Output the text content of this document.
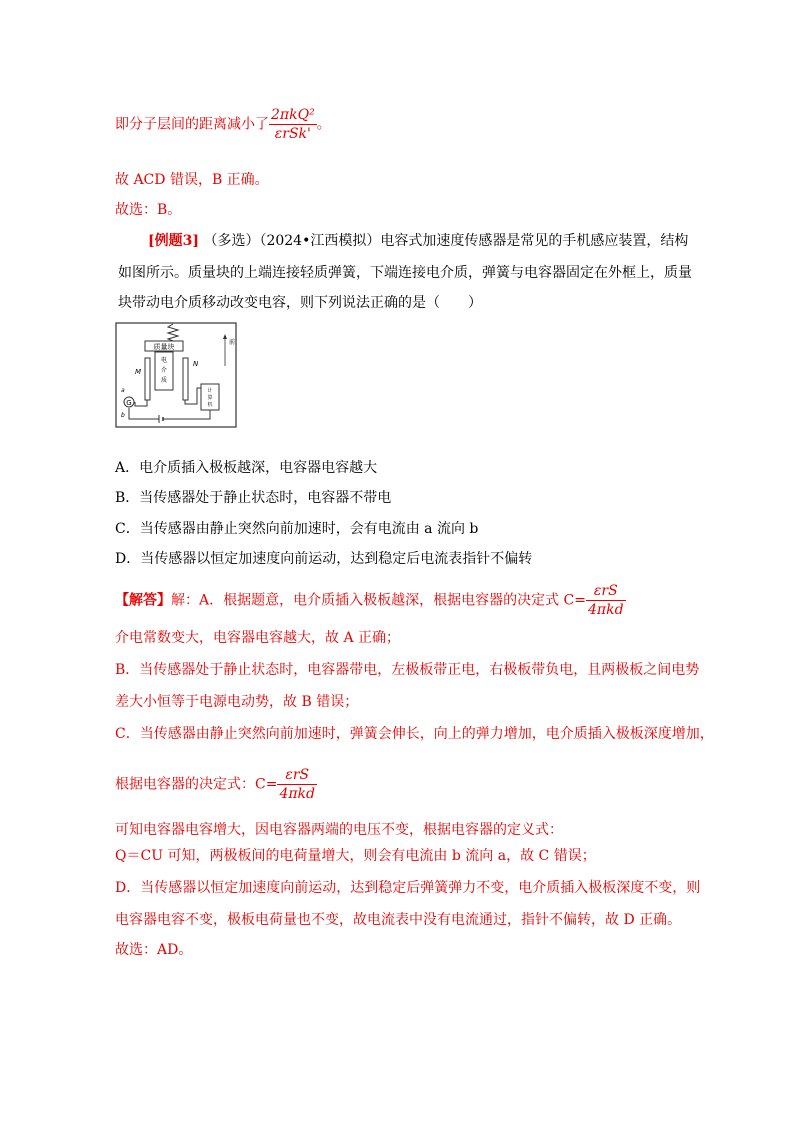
即分子层间的距离减小了 $\frac{\text{2πkQ²}}{\text{εrSk'}}$ 。
故 ACD 错误，B 正确。
故选：B。
[例题3] （多选）（2024•江西模拟）电容式加速度传感器是常见的手机感应装置，结构
如图所示。质量块的上端连接轻质弹簧，下端连接电介质，弹簧与电容器固定在外框上，质量
块带动电介质移动改变电容，则下列说法正确的是（　　）
质量块
电
介
质
M
N
G
a
b
计
算
机
前
A．电介质插入极板越深，电容器电容越大
B．当传感器处于静止状态时，电容器不带电
C．当传感器由静止突然向前加速时，会有电流由 a 流向 b
D．当传感器以恒定加速度向前运动，达到稳定后电流表指针不偏转
【解答】解：A．根据题意，电介质插入极板越深，根据电容器的决定式 $C= \frac{\text{εrS}}{\text{4πkd}}$
介电常数变大，电容器电容越大，故 A 正确；
B．当传感器处于静止状态时，电容器带电，左极板带正电，右极板带负电，且两极板之间电势
差大小恒等于电源电动势，故 B 错误；
C．当传感器由静止突然向前加速时，弹簧会伸长，向上的弹力增加，电介质插入极板深度增加，
根据电容器的决定式：$C= \frac{\text{εrS}}{\text{4πkd}}$
可知电容器电容增大，因电容器两端的电压不变，根据电容器的定义式：
Q＝CU 可知，两极板间的电荷量增大，则会有电流由 b 流向 a，故 C 错误；
D．当传感器以恒定加速度向前运动，达到稳定后弹簧弹力不变，电介质插入极板深度不变，则
电容器电容不变，极板电荷量也不变，故电流表中没有电流通过，指针不偏转，故 D 正确。
故选：AD。
